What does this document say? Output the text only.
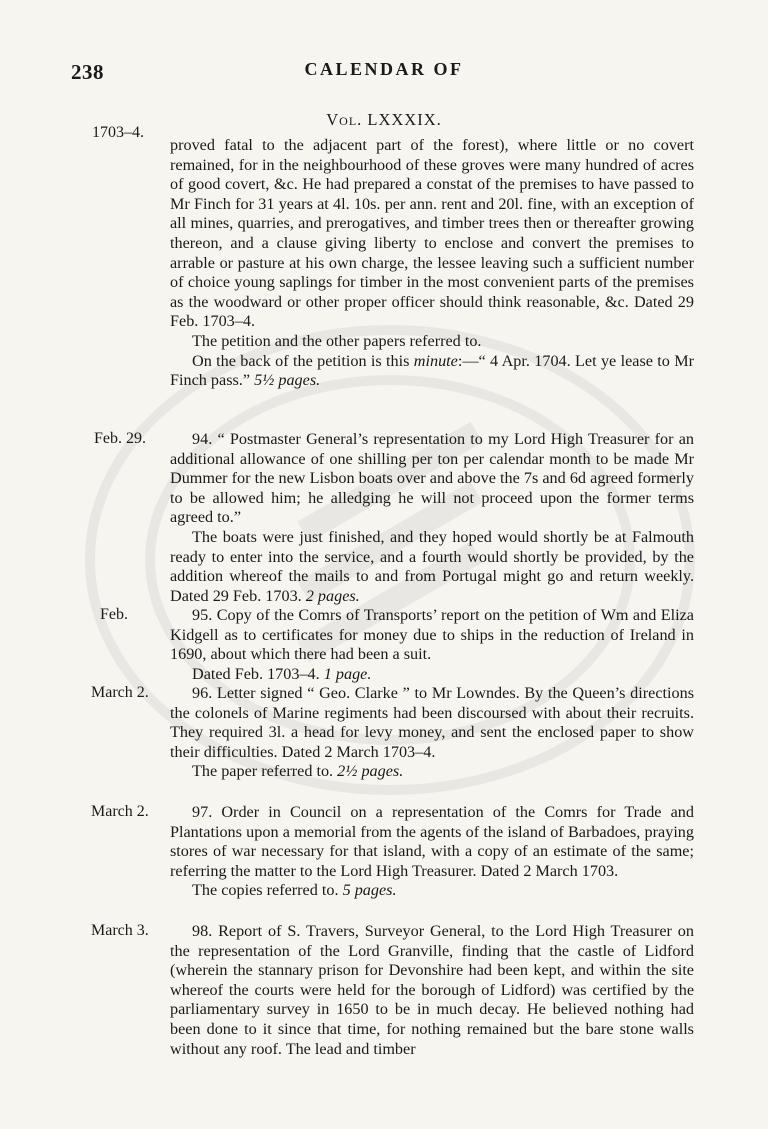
238	CALENDAR OF
Vol. LXXXIX.
1703–4.

proved fatal to the adjacent part of the forest), where little or no covert remained, for in the neighbourhood of these groves were many hundred of acres of good covert, &c. He had prepared a constat of the premises to have passed to Mr Finch for 31 years at 4l. 10s. per ann. rent and 20l. fine, with an exception of all mines, quarries, and prerogatives, and timber trees then or thereafter growing thereon, and a clause giving liberty to enclose and convert the premises to arrable or pasture at his own charge, the lessee leaving such a sufficient number of choice young saplings for timber in the most convenient parts of the premises as the woodward or other proper officer should think reasonable, &c. Dated 29 Feb. 1703–4.

The petition and the other papers referred to.

On the back of the petition is this minute:—“ 4 Apr. 1704. Let ye lease to Mr Finch pass.” 5½ pages.

Feb. 29.	94. “ Postmaster General’s representation to my Lord High Treasurer for an additional allowance of one shilling per ton per calendar month to be made Mr Dummer for the new Lisbon boats over and above the 7s and 6d agreed formerly to be allowed him; he alledging he will not proceed upon the former terms agreed to.”

The boats were just finished, and they hoped would shortly be at Falmouth ready to enter into the service, and a fourth would shortly be provided, by the addition whereof the mails to and from Portugal might go and return weekly. Dated 29 Feb. 1703. 2 pages.

Feb.	95. Copy of the Comrs of Transports’ report on the petition of Wm and Eliza Kidgell as to certificates for money due to ships in the reduction of Ireland in 1690, about which there had been a suit.

Dated Feb. 1703–4. 1 page.

March 2.	96. Letter signed “ Geo. Clarke ” to Mr Lowndes. By the Queen’s directions the colonels of Marine regiments had been discoursed with about their recruits. They required 3l. a head for levy money, and sent the enclosed paper to show their difficulties. Dated 2 March 1703–4.

The paper referred to. 2½ pages.

March 2.	97. Order in Council on a representation of the Comrs for Trade and Plantations upon a memorial from the agents of the island of Barbadoes, praying stores of war necessary for that island, with a copy of an estimate of the same; referring the matter to the Lord High Treasurer. Dated 2 March 1703.

The copies referred to. 5 pages.

March 3.	98. Report of S. Travers, Surveyor General, to the Lord High Treasurer on the representation of the Lord Granville, finding that the castle of Lidford (wherein the stannary prison for Devonshire had been kept, and within the site whereof the courts were held for the borough of Lidford) was certified by the parliamentary survey in 1650 to be in much decay. He believed nothing had been done to it since that time, for nothing remained but the bare stone walls without any roof. The lead and timber
